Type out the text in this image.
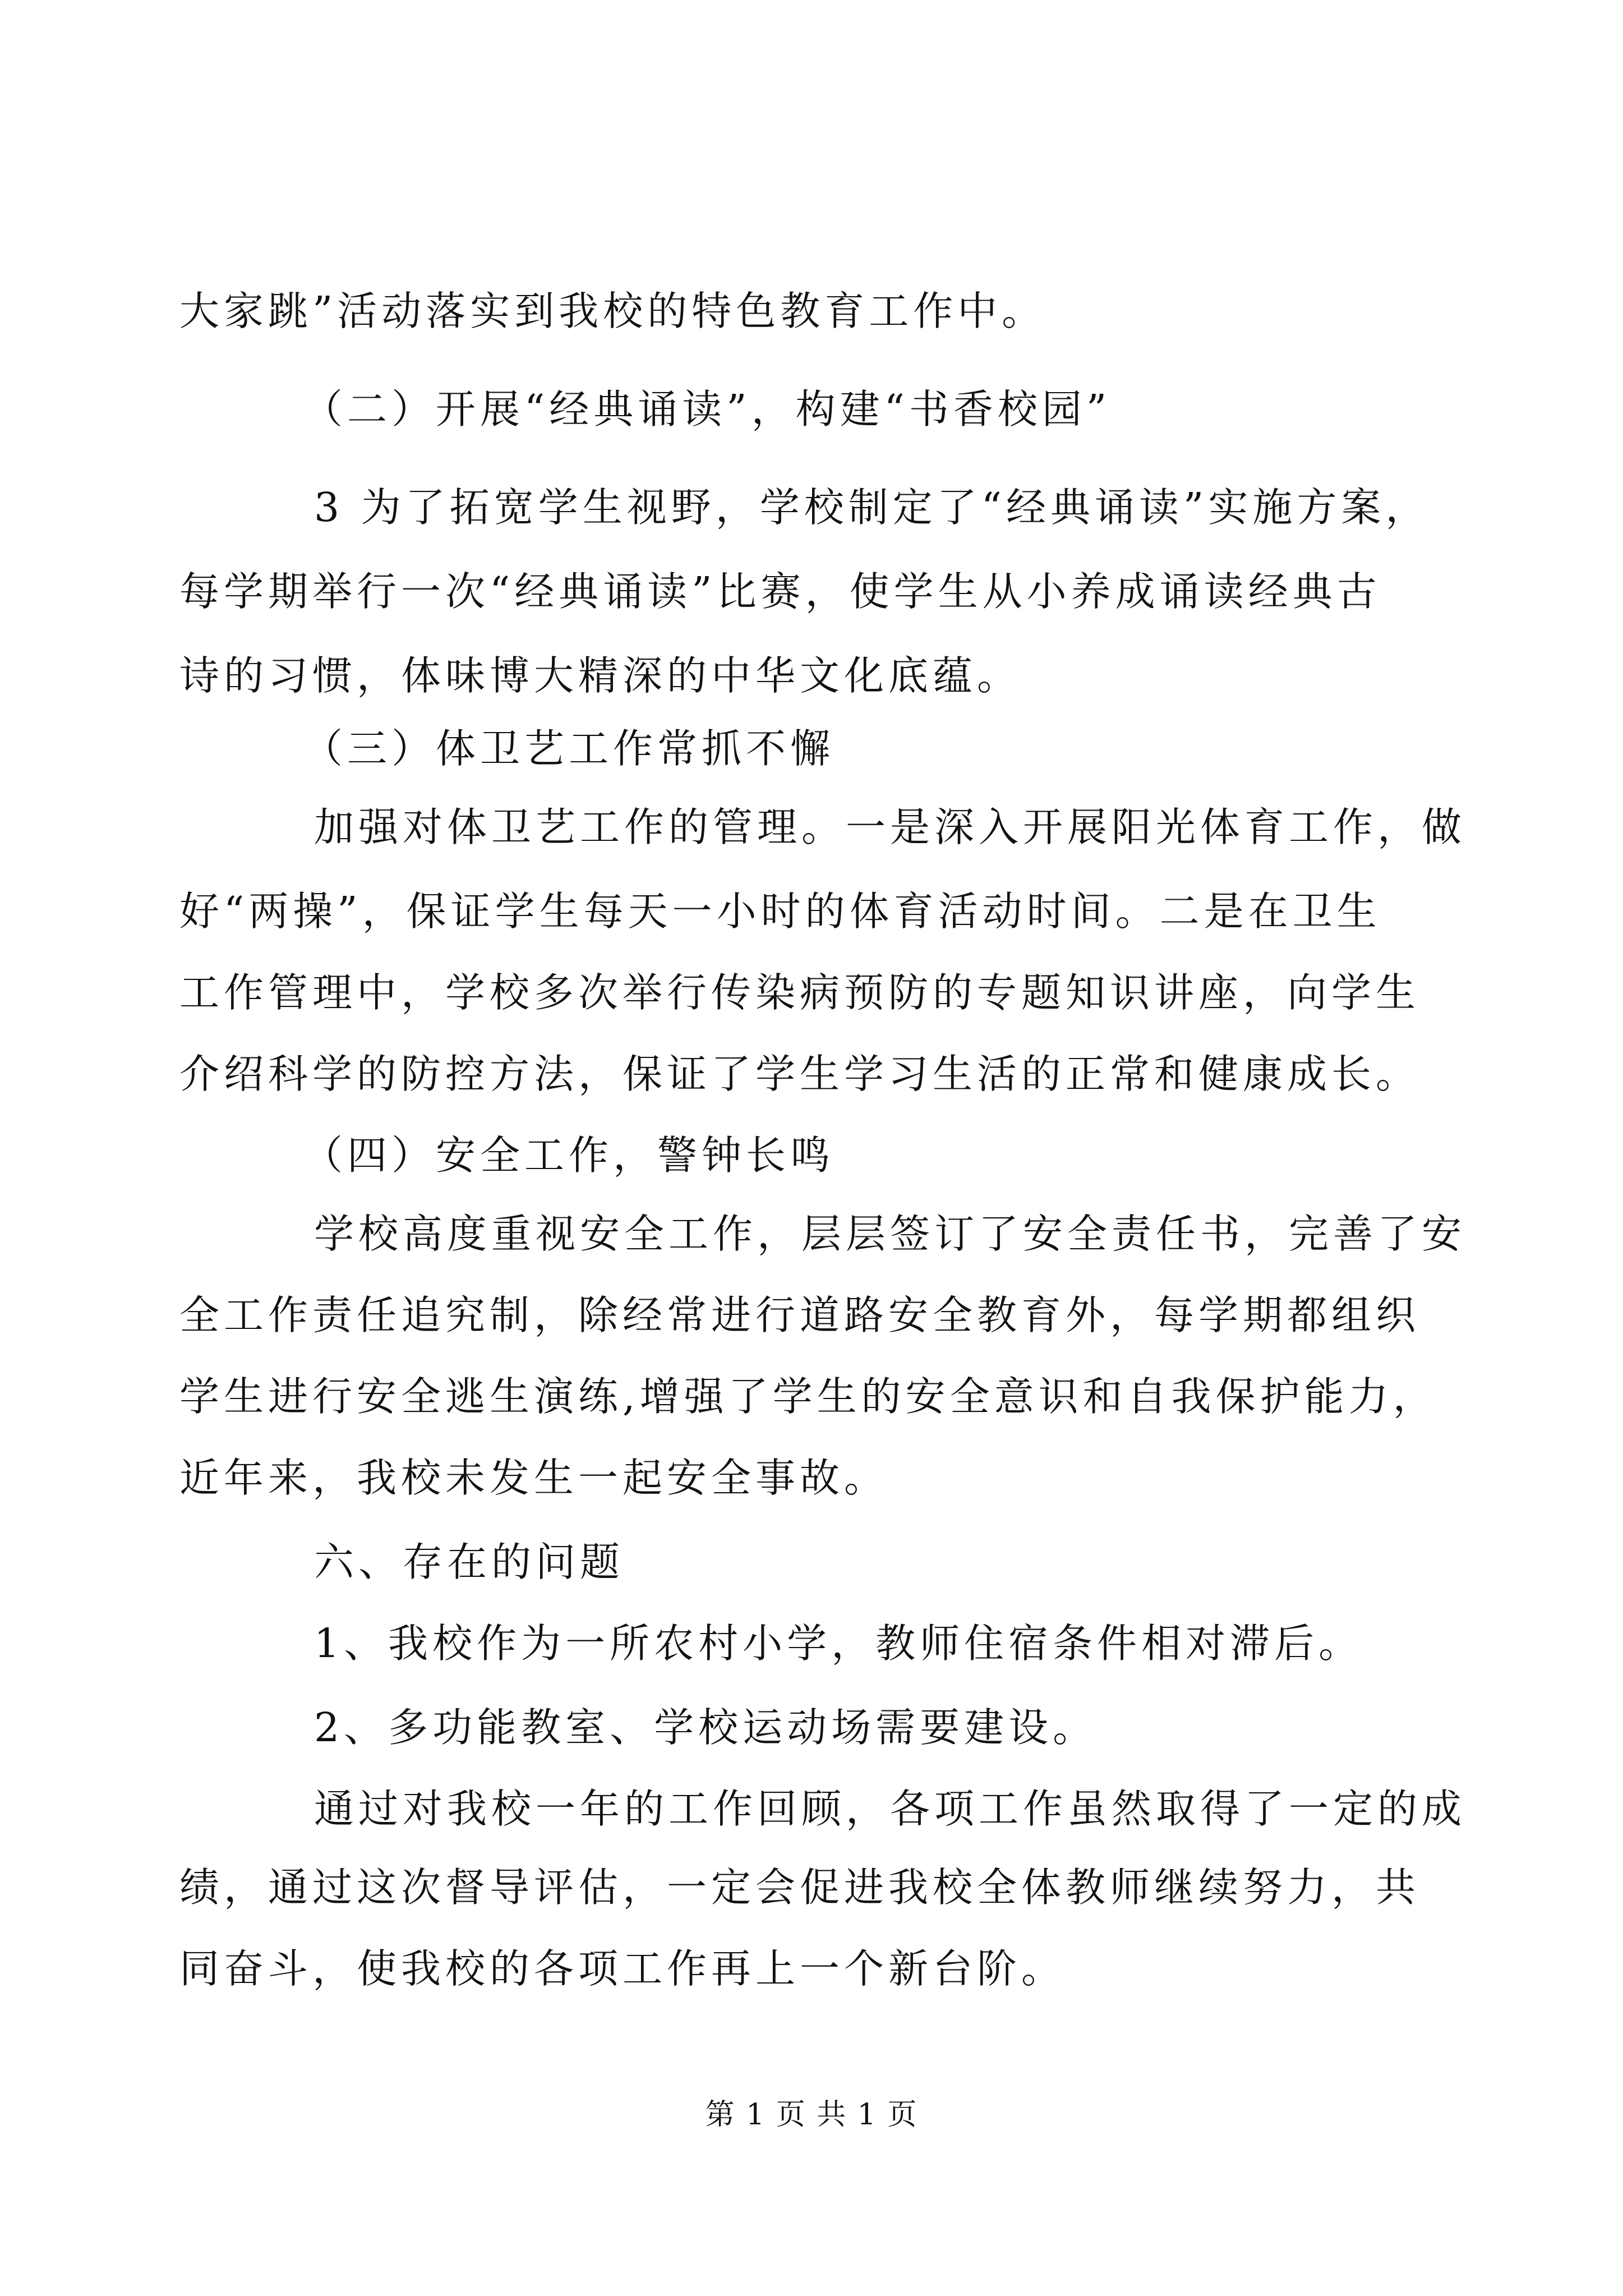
大家跳”活动落实到我校的特色教育工作中。
（二）开展“经典诵读”，构建“书香校园”
3 为了拓宽学生视野，学校制定了“经典诵读”实施方案，
每学期举行一次“经典诵读”比赛，使学生从小养成诵读经典古
诗的习惯，体味博大精深的中华文化底蕴。
（三）体卫艺工作常抓不懈
加强对体卫艺工作的管理。一是深入开展阳光体育工作，做
好“两操”，保证学生每天一小时的体育活动时间。二是在卫生
工作管理中，学校多次举行传染病预防的专题知识讲座，向学生
介绍科学的防控方法，保证了学生学习生活的正常和健康成长。
（四）安全工作，警钟长鸣
学校高度重视安全工作，层层签订了安全责任书，完善了安
全工作责任追究制，除经常进行道路安全教育外，每学期都组织
学生进行安全逃生演练,增强了学生的安全意识和自我保护能力，
近年来，我校未发生一起安全事故。
六、存在的问题
1、我校作为一所农村小学，教师住宿条件相对滞后。
2、多功能教室、学校运动场需要建设。
通过对我校一年的工作回顾，各项工作虽然取得了一定的成
绩，通过这次督导评估，一定会促进我校全体教师继续努力，共
同奋斗，使我校的各项工作再上一个新台阶。
第 1 页 共 1 页
